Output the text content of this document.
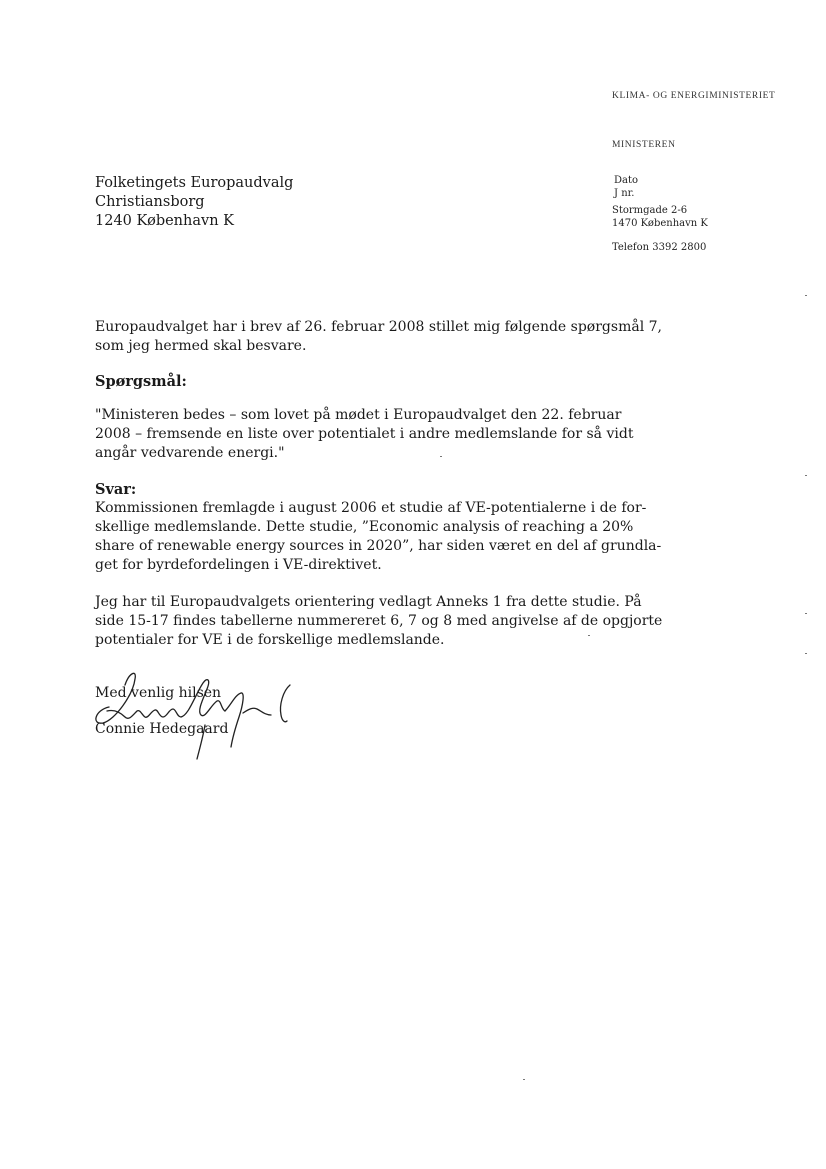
KLIMA- OG ENERGIMINISTERIET
MINISTEREN
Dato
J nr.
Stormgade 2-6
1470 København K
Telefon 3392 2800
Folketingets Europaudvalg
Christiansborg
1240 København K
Europaudvalget har i brev af 26. februar 2008 stillet mig følgende spørgsmål 7,
som jeg hermed skal besvare.
Spørgsmål:
"Ministeren bedes – som lovet på mødet i Europaudvalget den 22. februar
2008 – fremsende en liste over potentialet i andre medlemslande for så vidt
angår vedvarende energi."
Svar:
Kommissionen fremlagde i august 2006 et studie af VE-potentialerne i de for-
skellige medlemslande. Dette studie, ”Economic analysis of reaching a 20%
share of renewable energy sources in 2020”, har siden været en del af grundla-
get for byrdefordelingen i VE-direktivet.
Jeg har til Europaudvalgets orientering vedlagt Anneks 1 fra dette studie. På
side 15-17 findes tabellerne nummereret 6, 7 og 8 med angivelse af de opgjorte
potentialer for VE i de forskellige medlemslande.
Med venlig hilsen
Connie Hedegaard
